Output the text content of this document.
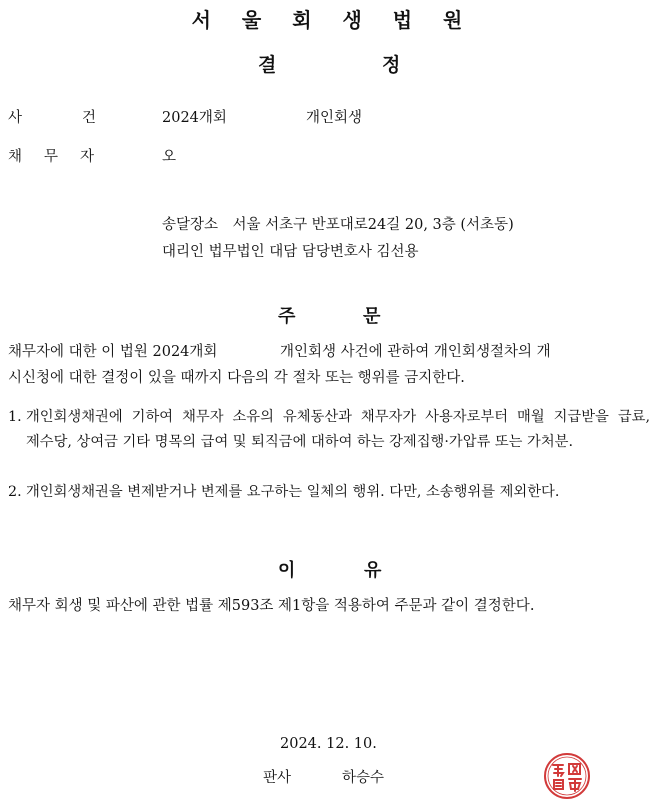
서 울 회 생 법 원
결	정
사	건	2024개회	개인회생
채 무 자	오
송달장소　서울 서초구 반포대로24길 20, 3층 (서초동)
대리인 법무법인 대담 담당변호사 김선용
주	문
채무자에 대한 이 법원 2024개회　　　　 개인회생 사건에 관하여 개인회생절차의 개
시신청에 대한 결정이 있을 때까지 다음의 각 절차 또는 행위를 금지한다.
1. 개인회생채권에 기하여 채무자 소유의 유체동산과 채무자가 사용자로부터 매월 지급받을 급료, 제수당, 상여금 기타 명목의 급여 및 퇴직금에 대하여 하는 강제집행·가압류 또는 가처분.
2. 개인회생채권을 변제받거나 변제를 요구하는 일체의 행위. 다만, 소송행위를 제외한다.
이	유
채무자 회생 및 파산에 관한 법률 제593조 제1항을 적용하여 주문과 같이 결정한다.
2024. 12. 10.
판사	하승수
